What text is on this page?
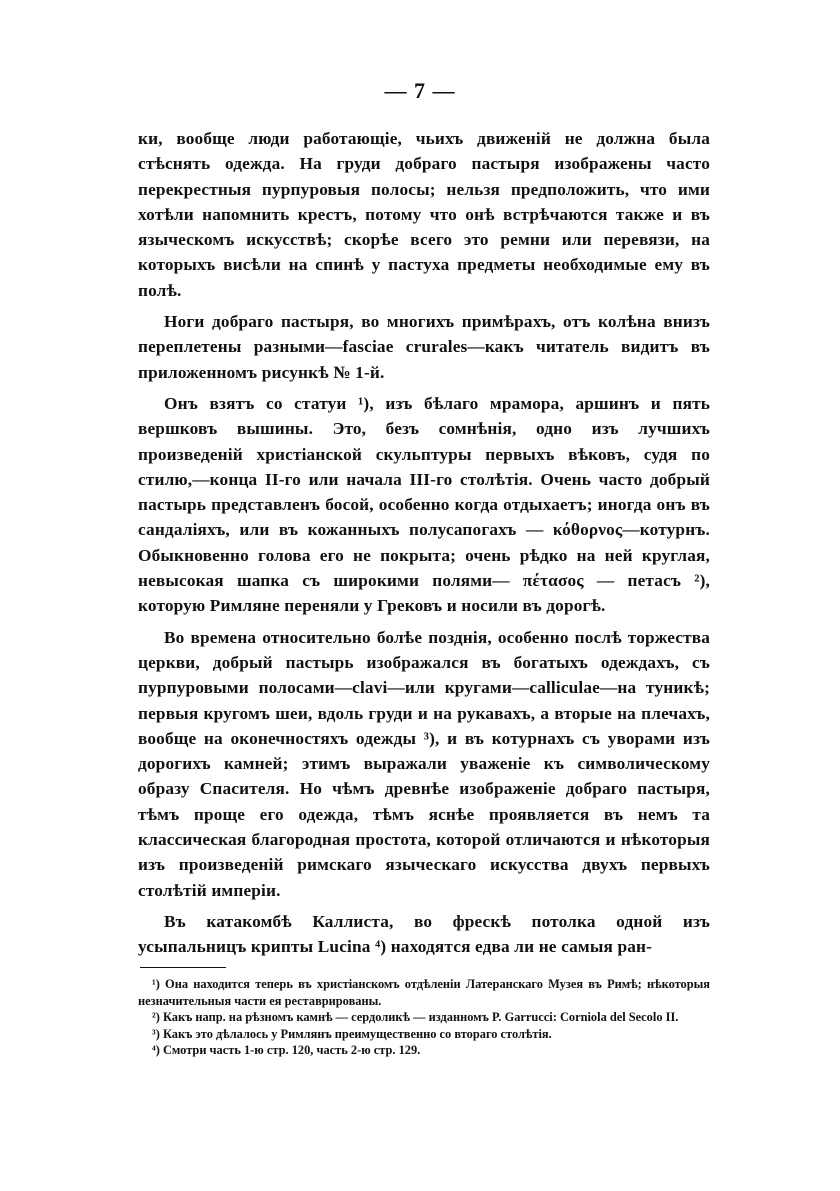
— 7 —

ки, вообще люди работающіе, чьихъ движеній не должна была стѣснять одежда. На груди добраго пастыря изображены часто перекрестныя пурпуровыя полосы; нельзя предположить, что ими хотѣли напомнить крестъ, потому что онѣ встрѣчаются также и въ языческомъ искусствѣ; скорѣе всего это ремни или перевязи, на которыхъ висѣли на спинѣ у пастуха предметы необходимые ему въ полѣ.

Ноги добраго пастыря, во многихъ примѣрахъ, отъ колѣна внизъ переплетены разными—fasciae crurales—какъ читатель видитъ въ приложенномъ рисункѣ № 1-й.

Онъ взятъ со статуи ¹), изъ бѣлаго мрамора, аршинъ и пять вершковъ вышины. Это, безъ сомнѣнія, одно изъ лучшихъ произведеній христіанской скульптуры первыхъ вѣковъ, судя по стилю,—конца II-го или начала III-го столѣтія. Очень часто добрый пастырь представленъ босой, особенно когда отдыхаетъ; иногда онъ въ сандаліяхъ, или въ кожанныхъ полусапогахъ — κόθορνος—котурнъ. Обыкновенно голова его не покрыта; очень рѣдко на ней круглая, невысокая шапка съ широкими полями— πέτασος — петасъ ²), которую Римляне переняли у Грековъ и носили въ дорогѣ.

Во времена относительно болѣе позднія, особенно послѣ торжества церкви, добрый пастырь изображался въ богатыхъ одеждахъ, съ пурпуровыми полосами—clavi—или кругами—calliculae—на туникѣ; первыя кругомъ шеи, вдоль груди и на рукавахъ, а вторые на плечахъ, вообще на оконечностяхъ одежды ³), и въ котурнахъ съ уворами изъ дорогихъ камней; этимъ выражали уваженіе къ символическому образу Спасителя. Но чѣмъ древнѣе изображеніе добраго пастыря, тѣмъ проще его одежда, тѣмъ яснѣе проявляется въ немъ та классическая благородная простота, которой отличаются и нѣкоторыя изъ произведеній римскаго языческаго искусства двухъ первыхъ столѣтій имперіи.

Въ катакомбѣ Каллиста, во фрескѣ потолка одной изъ усыпальницъ крипты Lucina ⁴) находятся едва ли не самыя ран-

¹) Она находится теперь въ христіанскомъ отдѣленіи Латеранскаго Музея въ Римѣ; нѣкоторыя незначительныя части ея реставрированы.

²) Какъ напр. на рѣзномъ камнѣ — сердоликѣ — изданномъ P. Garrucci: Corniola del Secolo II.

³) Какъ это дѣлалось у Римлянъ преимущественно со втораго столѣтія.

⁴) Смотри часть 1-ю стр. 120, часть 2-ю стр. 129.
